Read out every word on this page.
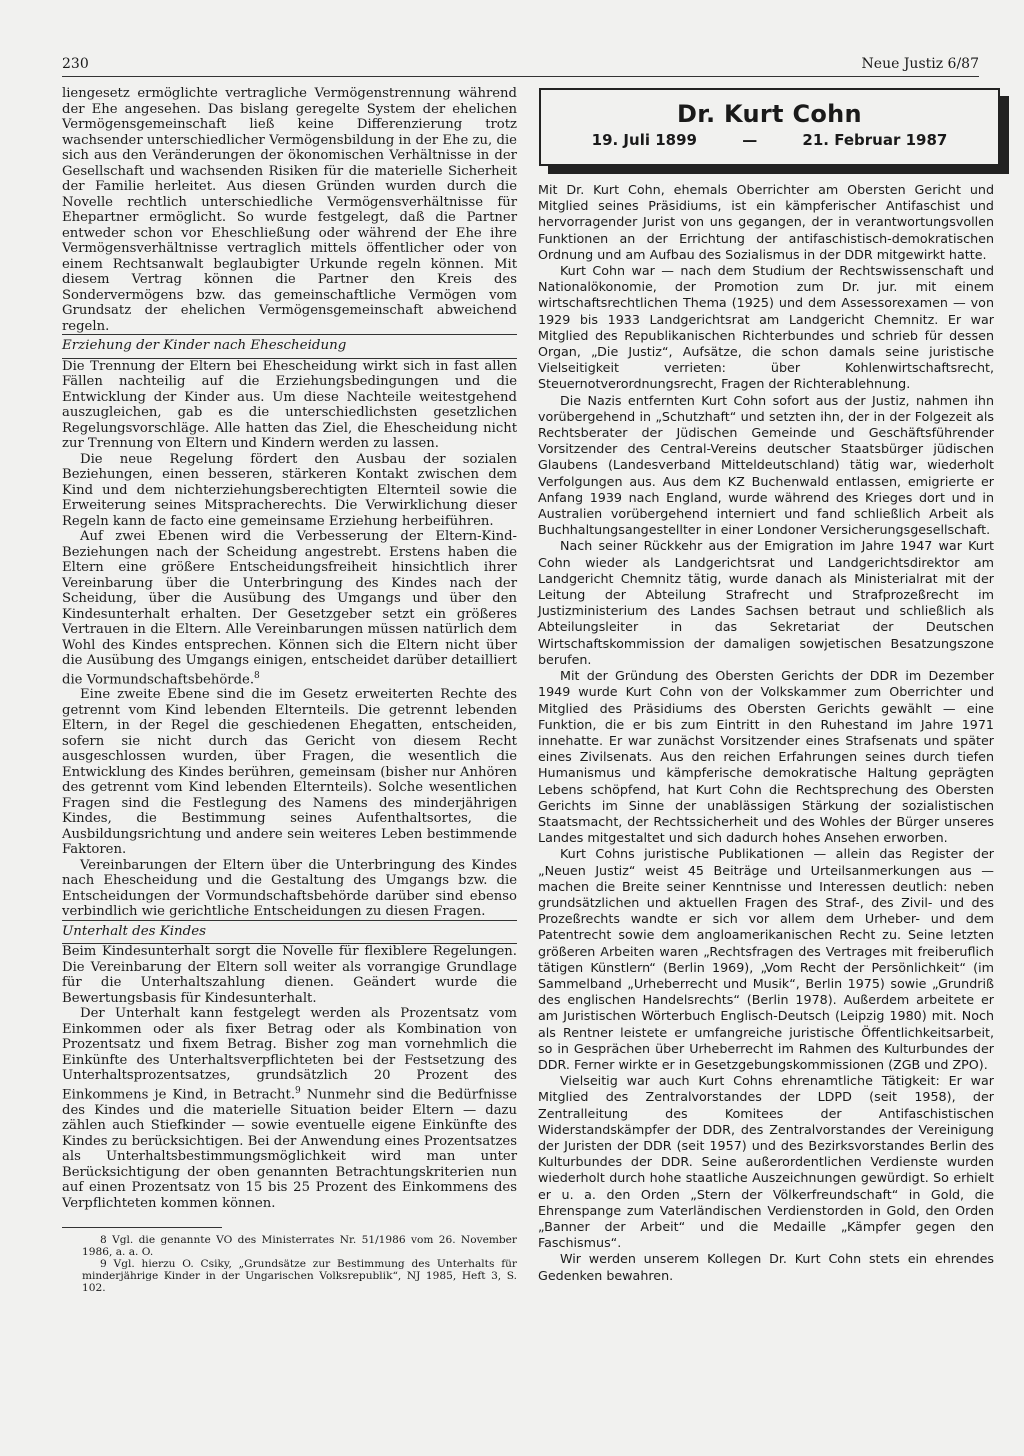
230	Neue Justiz 6/87

liengesetz ermöglichte vertragliche Vermögenstrennung während der Ehe angesehen. Das bislang geregelte System der ehelichen Vermögensgemeinschaft ließ keine Differenzierung trotz wachsender unterschiedlicher Vermögensbildung in der Ehe zu, die sich aus den Veränderungen der ökonomischen Verhältnisse in der Gesellschaft und wachsenden Risiken für die materielle Sicherheit der Familie herleitet. Aus diesen Gründen wurden durch die Novelle rechtlich unterschiedliche Vermögensverhältnisse für Ehepartner ermöglicht. So wurde festgelegt, daß die Partner entweder schon vor Eheschließung oder während der Ehe ihre Vermögensverhältnisse vertraglich mittels öffentlicher oder von einem Rechtsanwalt beglaubigter Urkunde regeln können. Mit diesem Vertrag können die Partner den Kreis des Sondervermögens bzw. das gemeinschaftliche Vermögen vom Grundsatz der ehelichen Vermögensgemeinschaft abweichend regeln.

Erziehung der Kinder nach Ehescheidung

Die Trennung der Eltern bei Ehescheidung wirkt sich in fast allen Fällen nachteilig auf die Erziehungsbedingungen und die Entwicklung der Kinder aus. Um diese Nachteile weitestgehend auszugleichen, gab es die unterschiedlichsten gesetzlichen Regelungsvorschläge. Alle hatten das Ziel, die Ehescheidung nicht zur Trennung von Eltern und Kindern werden zu lassen.

Die neue Regelung fördert den Ausbau der sozialen Beziehungen, einen besseren, stärkeren Kontakt zwischen dem Kind und dem nichterziehungsberechtigten Elternteil sowie die Erweiterung seines Mitspracherechts. Die Verwirklichung dieser Regeln kann de facto eine gemeinsame Erziehung herbeiführen.

Auf zwei Ebenen wird die Verbesserung der Eltern-Kind-Beziehungen nach der Scheidung angestrebt. Erstens haben die Eltern eine größere Entscheidungsfreiheit hinsichtlich ihrer Vereinbarung über die Unterbringung des Kindes nach der Scheidung, über die Ausübung des Umgangs und über den Kindesunterhalt erhalten. Der Gesetzgeber setzt ein größeres Vertrauen in die Eltern. Alle Vereinbarungen müssen natürlich dem Wohl des Kindes entsprechen. Können sich die Eltern nicht über die Ausübung des Umgangs einigen, entscheidet darüber detailliert die Vormundschaftsbehörde.$^8$

Eine zweite Ebene sind die im Gesetz erweiterten Rechte des getrennt vom Kind lebenden Elternteils. Die getrennt lebenden Eltern, in der Regel die geschiedenen Ehegatten, entscheiden, sofern sie nicht durch das Gericht von diesem Recht ausgeschlossen wurden, über Fragen, die wesentlich die Entwicklung des Kindes berühren, gemeinsam (bisher nur Anhören des getrennt vom Kind lebenden Elternteils). Solche wesentlichen Fragen sind die Festlegung des Namens des minderjährigen Kindes, die Bestimmung seines Aufenthaltsortes, die Ausbildungsrichtung und andere sein weiteres Leben bestimmende Faktoren.

Vereinbarungen der Eltern über die Unterbringung des Kindes nach Ehescheidung und die Gestaltung des Umgangs bzw. die Entscheidungen der Vormundschaftsbehörde darüber sind ebenso verbindlich wie gerichtliche Entscheidungen zu diesen Fragen.

Unterhalt des Kindes

Beim Kindesunterhalt sorgt die Novelle für flexiblere Regelungen. Die Vereinbarung der Eltern soll weiter als vorrangige Grundlage für die Unterhaltszahlung dienen. Geändert wurde die Bewertungsbasis für Kindesunterhalt.

Der Unterhalt kann festgelegt werden als Prozentsatz vom Einkommen oder als fixer Betrag oder als Kombination von Prozentsatz und fixem Betrag. Bisher zog man vornehmlich die Einkünfte des Unterhaltsverpflichteten bei der Festsetzung des Unterhaltsprozentsatzes, grundsätzlich 20 Prozent des Einkommens je Kind, in Betracht.$^9$ Nunmehr sind die Bedürfnisse des Kindes und die materielle Situation beider Eltern — dazu zählen auch Stiefkinder — sowie eventuelle eigene Einkünfte des Kindes zu berücksichtigen. Bei der Anwendung eines Prozentsatzes als Unterhaltsbestimmungsmöglichkeit wird man unter Berücksichtigung der oben genannten Betrachtungskriterien nun auf einen Prozentsatz von 15 bis 25 Prozent des Einkommens des Verpflichteten kommen können.

8 Vgl. die genannte VO des Ministerrates Nr. 51/1986 vom 26. November 1986, a. a. O.

9 Vgl. hierzu O. Csiky, „Grundsätze zur Bestimmung des Unterhalts für minderjährige Kinder in der Ungarischen Volksrepublik“, NJ 1985, Heft 3, S. 102.

Dr. Kurt Cohn
19. Juli 1899	—	21. Februar 1987

Mit Dr. Kurt Cohn, ehemals Oberrichter am Obersten Gericht und Mitglied seines Präsidiums, ist ein kämpferischer Antifaschist und hervorragender Jurist von uns gegangen, der in verantwortungsvollen Funktionen an der Errichtung der antifaschistisch-demokratischen Ordnung und am Aufbau des Sozialismus in der DDR mitgewirkt hatte.

Kurt Cohn war — nach dem Studium der Rechtswissenschaft und Nationalökonomie, der Promotion zum Dr. jur. mit einem wirtschaftsrechtlichen Thema (1925) und dem Assessorexamen — von 1929 bis 1933 Landgerichtsrat am Landgericht Chemnitz. Er war Mitglied des Republikanischen Richterbundes und schrieb für dessen Organ, „Die Justiz“, Aufsätze, die schon damals seine juristische Vielseitigkeit verrieten: über Kohlenwirtschaftsrecht, Steuernotverordnungsrecht, Fragen der Richterablehnung.

Die Nazis entfernten Kurt Cohn sofort aus der Justiz, nahmen ihn vorübergehend in „Schutzhaft“ und setzten ihn, der in der Folgezeit als Rechtsberater der Jüdischen Gemeinde und Geschäftsführender Vorsitzender des Central-Vereins deutscher Staatsbürger jüdischen Glaubens (Landesverband Mitteldeutschland) tätig war, wiederholt Verfolgungen aus. Aus dem KZ Buchenwald entlassen, emigrierte er Anfang 1939 nach England, wurde während des Krieges dort und in Australien vorübergehend interniert und fand schließlich Arbeit als Buchhaltungsangestellter in einer Londoner Versicherungsgesellschaft.

Nach seiner Rückkehr aus der Emigration im Jahre 1947 war Kurt Cohn wieder als Landgerichtsrat und Landgerichtsdirektor am Landgericht Chemnitz tätig, wurde danach als Ministerialrat mit der Leitung der Abteilung Strafrecht und Strafprozeßrecht im Justizministerium des Landes Sachsen betraut und schließlich als Abteilungsleiter in das Sekretariat der Deutschen Wirtschaftskommission der damaligen sowjetischen Besatzungszone berufen.

Mit der Gründung des Obersten Gerichts der DDR im Dezember 1949 wurde Kurt Cohn von der Volkskammer zum Oberrichter und Mitglied des Präsidiums des Obersten Gerichts gewählt — eine Funktion, die er bis zum Eintritt in den Ruhestand im Jahre 1971 innehatte. Er war zunächst Vorsitzender eines Strafsenats und später eines Zivilsenats. Aus den reichen Erfahrungen seines durch tiefen Humanismus und kämpferische demokratische Haltung geprägten Lebens schöpfend, hat Kurt Cohn die Rechtsprechung des Obersten Gerichts im Sinne der unablässigen Stärkung der sozialistischen Staatsmacht, der Rechtssicherheit und des Wohles der Bürger unseres Landes mitgestaltet und sich dadurch hohes Ansehen erworben.

Kurt Cohns juristische Publikationen — allein das Register der „Neuen Justiz“ weist 45 Beiträge und Urteilsanmerkungen aus — machen die Breite seiner Kenntnisse und Interessen deutlich: neben grundsätzlichen und aktuellen Fragen des Straf-, des Zivil- und des Prozeßrechts wandte er sich vor allem dem Urheber- und dem Patentrecht sowie dem angloamerikanischen Recht zu. Seine letzten größeren Arbeiten waren „Rechtsfragen des Vertrages mit freiberuflich tätigen Künstlern“ (Berlin 1969), „Vom Recht der Persönlichkeit“ (im Sammelband „Urheberrecht und Musik“, Berlin 1975) sowie „Grundriß des englischen Handelsrechts“ (Berlin 1978). Außerdem arbeitete er am Juristischen Wörterbuch Englisch-Deutsch (Leipzig 1980) mit. Noch als Rentner leistete er umfangreiche juristische Öffentlichkeitsarbeit, so in Gesprächen über Urheberrecht im Rahmen des Kulturbundes der DDR. Ferner wirkte er in Gesetzgebungskommissionen (ZGB und ZPO).

Vielseitig war auch Kurt Cohns ehrenamtliche Tätigkeit: Er war Mitglied des Zentralvorstandes der LDPD (seit 1958), der Zentralleitung des Komitees der Antifaschistischen Widerstandskämpfer der DDR, des Zentralvorstandes der Vereinigung der Juristen der DDR (seit 1957) und des Bezirksvorstandes Berlin des Kulturbundes der DDR. Seine außerordentlichen Verdienste wurden wiederholt durch hohe staatliche Auszeichnungen gewürdigt. So erhielt er u. a. den Orden „Stern der Völkerfreundschaft“ in Gold, die Ehrenspange zum Vaterländischen Verdienstorden in Gold, den Orden „Banner der Arbeit“ und die Medaille „Kämpfer gegen den Faschismus“.

Wir werden unserem Kollegen Dr. Kurt Cohn stets ein ehrendes Gedenken bewahren.
